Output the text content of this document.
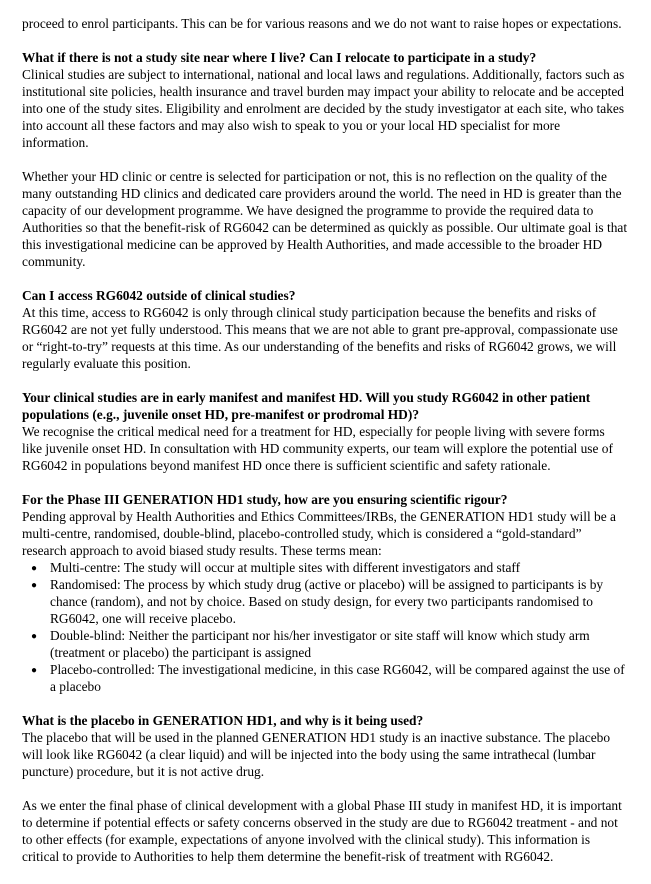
proceed to enrol participants. This can be for various reasons and we do not want to raise hopes or expectations.

What if there is not a study site near where I live? Can I relocate to participate in a study?

Clinical studies are subject to international, national and local laws and regulations. Additionally, factors such as institutional site policies, health insurance and travel burden may impact your ability to relocate and be accepted into one of the study sites. Eligibility and enrolment are decided by the study investigator at each site, who takes into account all these factors and may also wish to speak to you or your local HD specialist for more information.

Whether your HD clinic or centre is selected for participation or not, this is no reflection on the quality of the many outstanding HD clinics and dedicated care providers around the world. The need in HD is greater than the capacity of our development programme. We have designed the programme to provide the required data to Authorities so that the benefit-risk of RG6042 can be determined as quickly as possible. Our ultimate goal is that this investigational medicine can be approved by Health Authorities, and made accessible to the broader HD community.

Can I access RG6042 outside of clinical studies?

At this time, access to RG6042 is only through clinical study participation because the benefits and risks of RG6042 are not yet fully understood. This means that we are not able to grant pre-approval, compassionate use or “right-to-try” requests at this time. As our understanding of the benefits and risks of RG6042 grows, we will regularly evaluate this position.

Your clinical studies are in early manifest and manifest HD. Will you study RG6042 in other patient populations (e.g., juvenile onset HD, pre-manifest or prodromal HD)?

We recognise the critical medical need for a treatment for HD, especially for people living with severe forms like juvenile onset HD. In consultation with HD community experts, our team will explore the potential use of RG6042 in populations beyond manifest HD once there is sufficient scientific and safety rationale.

For the Phase III GENERATION HD1 study, how are you ensuring scientific rigour?

Pending approval by Health Authorities and Ethics Committees/IRBs, the GENERATION HD1 study will be a multi-centre, randomised, double-blind, placebo-controlled study, which is considered a “gold-standard” research approach to avoid biased study results. These terms mean:

● Multi-centre: The study will occur at multiple sites with different investigators and staff
● Randomised: The process by which study drug (active or placebo) will be assigned to participants is by chance (random), and not by choice. Based on study design, for every two participants randomised to RG6042, one will receive placebo.
● Double-blind: Neither the participant nor his/her investigator or site staff will know which study arm (treatment or placebo) the participant is assigned
● Placebo-controlled: The investigational medicine, in this case RG6042, will be compared against the use of a placebo

What is the placebo in GENERATION HD1, and why is it being used?

The placebo that will be used in the planned GENERATION HD1 study is an inactive substance. The placebo will look like RG6042 (a clear liquid) and will be injected into the body using the same intrathecal (lumbar puncture) procedure, but it is not active drug.

As we enter the final phase of clinical development with a global Phase III study in manifest HD, it is important to determine if potential effects or safety concerns observed in the study are due to RG6042 treatment - and not to other effects (for example, expectations of anyone involved with the clinical study). This information is critical to provide to Authorities to help them determine the benefit-risk of treatment with RG6042.
